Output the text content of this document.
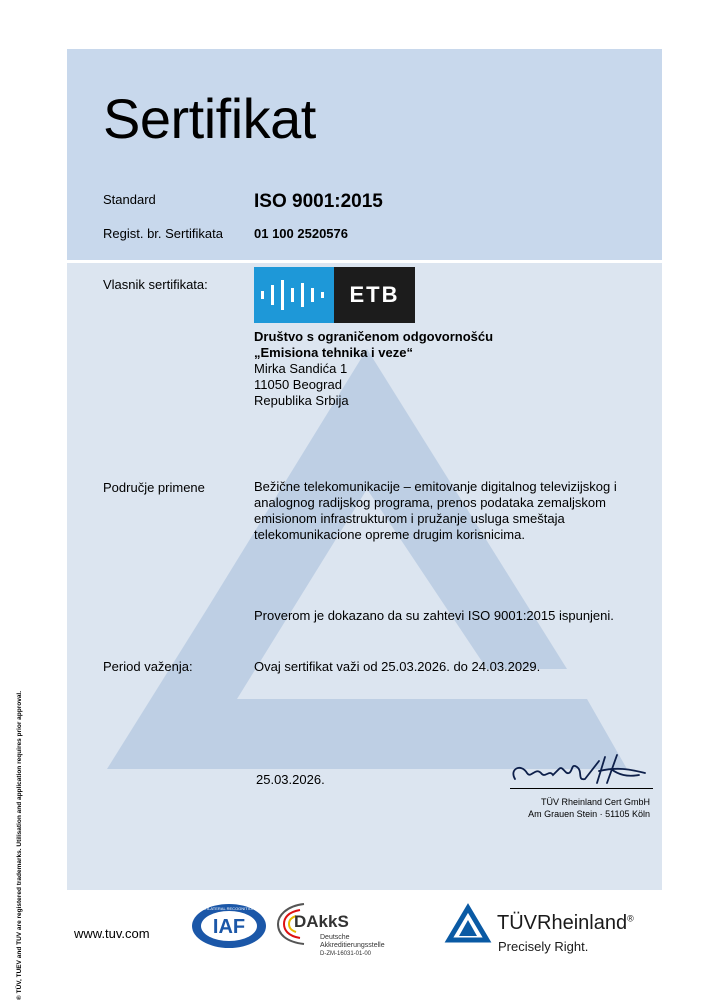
Sertifikat
Standard	ISO 9001:2015
Regist. br. Sertifikata 01 100 2520576
Vlasnik sertifikata:	ETB
Društvo s ograničenom odgovornošću
„Emisiona tehnika i veze“
Mirka Sandića 1
11050 Beograd
Republika Srbija
Područje primene	Bežične telekomunikacije – emitovanje digitalnog televizijskog i
analognog radijskog programa, prenos podataka zemaljskom
emisionom infrastrukturom i pružanje usluga smeštaja
telekomunikacione opreme drugim korisnicima.
Proverom je dokazano da su zahtevi ISO 9001:2015 ispunjeni.
Period važenja:	Ovaj sertifikat važi od 25.03.2026. do 24.03.2029.
25.03.2026.
TÜV Rheinland Cert GmbH
Am Grauen Stein · 51105 Köln
www.tuv.com	IAF
MEMBER OF MULTILATERAL RECOGNITION ARRANGEMENT
DAkkS
Deutsche
Akkreditierungsstelle
D-ZM-16031-01-00
TÜVRheinland®
Precisely Right.
® TÜV, TUEV and TUV are registered trademarks. Utilisation and application requires prior approval.
